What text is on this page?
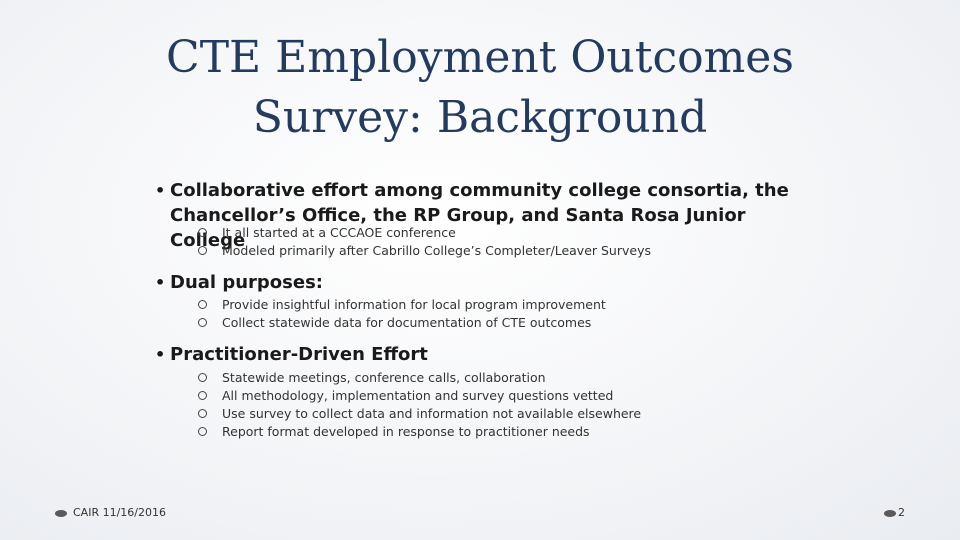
CTE Employment Outcomes
Survey: Background
• Collaborative effort among community college consortia, the Chancellor’s Office, the RP Group, and Santa Rosa Junior College
It all started at a CCCAOE conference
Modeled primarily after Cabrillo College’s Completer/Leaver Surveys
• Dual purposes:
Provide insightful information for local program improvement
Collect statewide data for documentation of CTE outcomes
• Practitioner-Driven Effort
Statewide meetings, conference calls, collaboration
All methodology, implementation and survey questions vetted
Use survey to collect data and information not available elsewhere
Report format developed in response to practitioner needs
CAIR 11/16/2016	2
